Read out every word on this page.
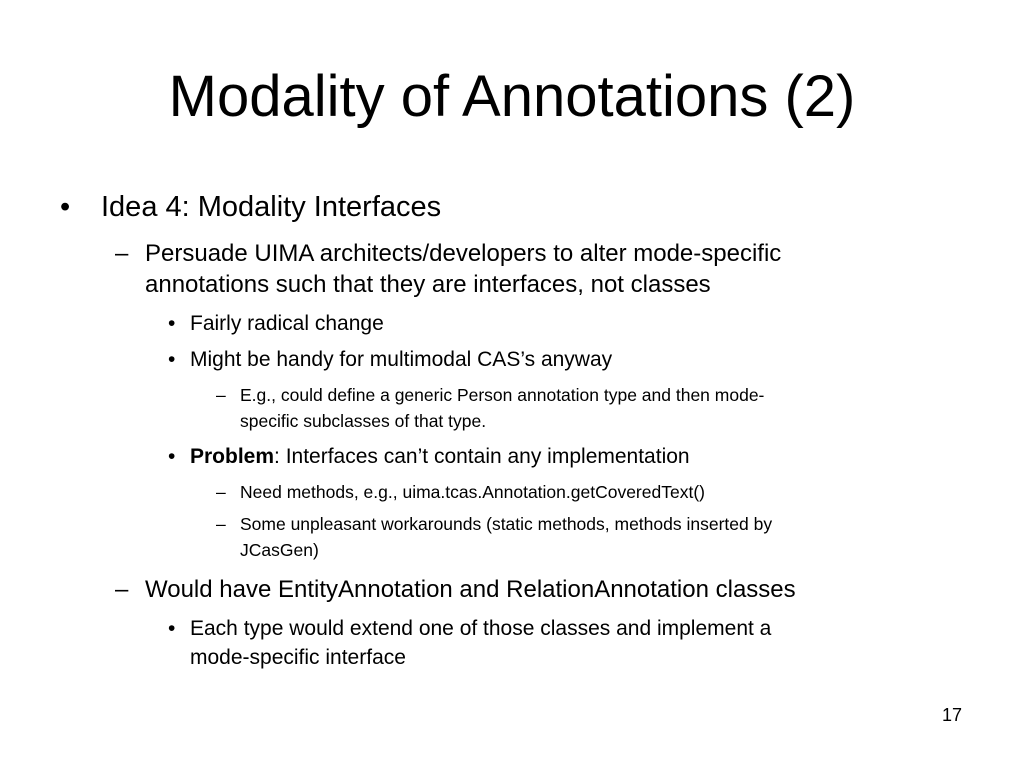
Modality of Annotations (2)
• Idea 4: Modality Interfaces
– Persuade UIMA architects/developers to alter mode-specific
annotations such that they are interfaces, not classes
• Fairly radical change
• Might be handy for multimodal CAS’s anyway
– E.g., could define a generic Person annotation type and then mode-
specific subclasses of that type.
• Problem: Interfaces can’t contain any implementation
– Need methods, e.g., uima.tcas.Annotation.getCoveredText()
– Some unpleasant workarounds (static methods, methods inserted by
JCasGen)
– Would have EntityAnnotation and RelationAnnotation classes
• Each type would extend one of those classes and implement a
mode-specific interface
17
